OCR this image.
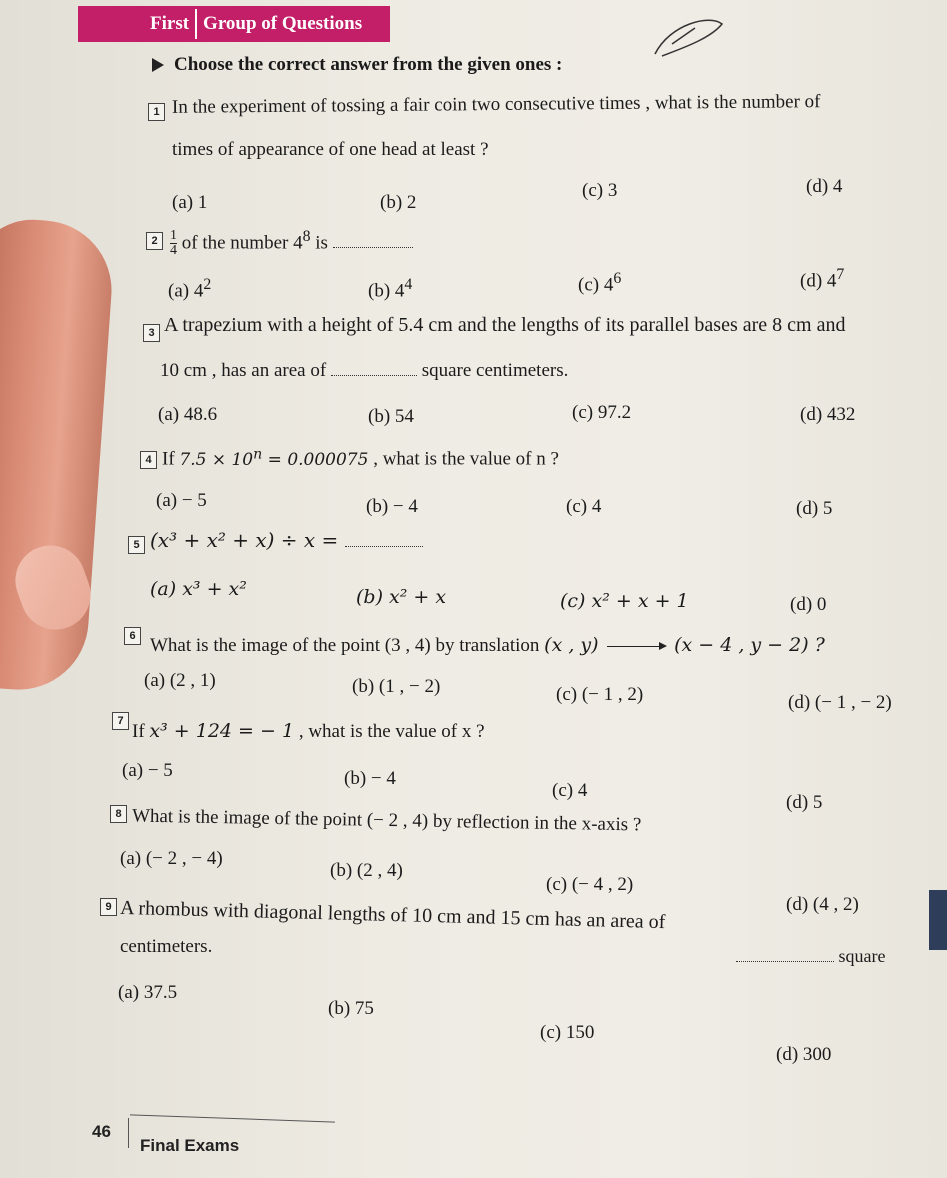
First Group of Questions
Choose the correct answer from the given ones :
1 In the experiment of tossing a fair coin two consecutive times , what is the number of
times of appearance of one head at least ?
(a) 1	(b) 2
(c) 3	(d) 4
$2 \frac{1}{4}$ of the number $4^8$ is
(a) $4^2$	(b) $4^4$	(c) $4^6$	(d) $4^7$
3 A trapezium with a height of 5.4 cm and the lengths of its parallel bases are 8 cm and
10 cm , has an area of	square centimeters.
(a) 48.6	(b) 54	(c) 97.2	(d) 432
4 If $7.5 \times 10^n = 0.000075$ , what is the value of n ?
(a) − 5	(b) − 4	(c) 4	(d) 5
5 (x³ + x² + x) ÷ x =
(a) x³ + x²	(b) x² + x	(c) x² + x + 1	(d) 0
6 What is the image of the point (3 , 4) by translation (x , y)	(x − 4 , y − 2) ?
(a) (2 , 1)	(b) (1 , − 2)	(c) (− 1 , 2)	(d) (− 1 , − 2)
7 If x³ + 124 = − 1 , what is the value of x ?
(a) − 5	(b) − 4
(c) 4
(d) 5
8 What is the image of the point (− 2 , 4) by reflection in the x-axis ?
(a) (− 2 , − 4)
(b) (2 , 4)
(c) (− 4 , 2)
(d) (4 , 2)
9 A rhombus with diagonal lengths of 10 cm and 15 cm has an area of
square
centimeters.
(a) 37.5
(b) 75
(c) 150
(d) 300
46
Final Exams
